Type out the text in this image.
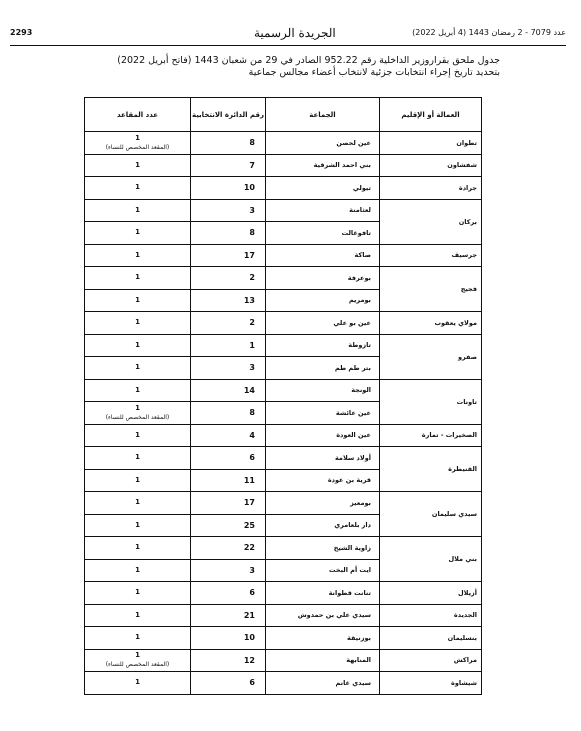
2293	الجريدة الرسمية	عدد 7079 - 2 رمضان 1443 (4 أبريل 2022)
جدول ملحق بقراروزير الداخلية رقم 952.22 الصادر في 29 من شعبان 1443 (فاتح أبريل 2022)
بتحديد تاريخ إجراء انتخابات جزئية لانتخاب أعضاء مجالس جماعية
العمالة أو الإقليم	الجماعة	رقم الدائرة الانتخابية	عدد المقاعد
تطوان	عين لحصن	8	1
(المقعد المخصص للنساء)

شفشاون	بني احمد الشرقية	7	1
جرادة	تيولي	10	1
بركان	لعثامنة	3	1
	تافوغالت	8	1
جرسيف	صاكة	17	1
فجيج	بوعرفة	2	1
	بومريم	13	1
مولاي يعقوب	عين بو علي	2	1
صفرو	تازوطة	1	1
	بتر طم طم	3	1
تاونات	الونجة	14	1
	عين عائشة	8	1
(المقعد المخصص للنساء)

الصخيرات - تمارة	عين العودة	4	1
القنيطرة	أولاد سلامة	6	1
	قرية بن عودة	11	1
سيدي سليمان	بومعيز	17	1
	دار بلعامري	25	1
بني ملال	زاوية الشيخ	22	1
	ايت أم البخت	3	1
أزيلال	تنانت قطوانة	6	1
الجديدة	سيدي علي بن حمدوش	21	1
بنسليمان	بوزنيقة	10	1
مراكش	المنابهة	12	1
(المقعد المخصص للنساء)

شيشاوة	سيدي غانم	6	1
